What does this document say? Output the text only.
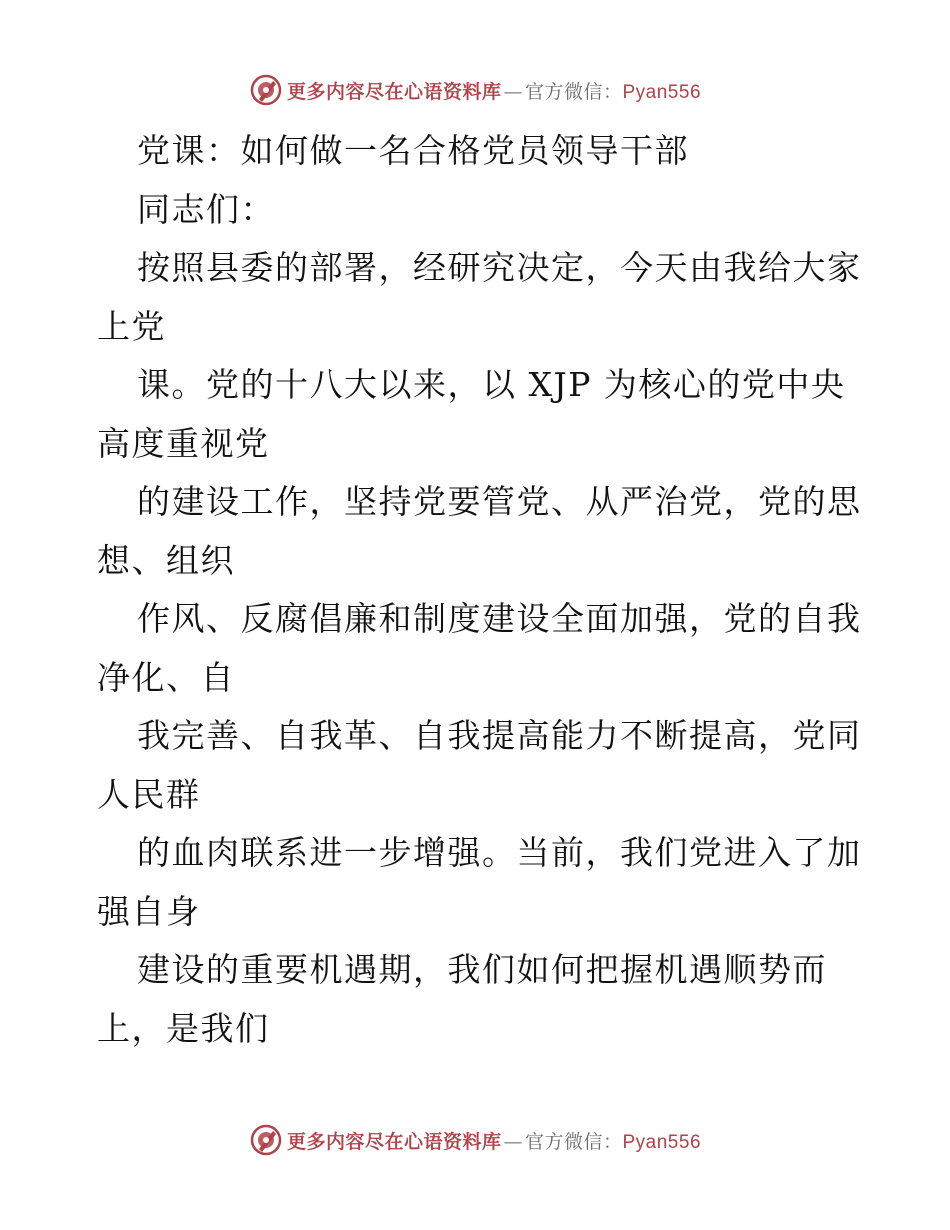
更多内容尽在心语资料库 — 官方微信： Pyan556
党课：如何做一名合格党员领导干部
同志们：
按照县委的部署，经研究决定，今天由我给大家
上党
课。党的十八大以来，以 XJP 为核心的党中央
高度重视党
的建设工作，坚持党要管党、从严治党，党的思
想、组织
作风、反腐倡廉和制度建设全面加强，党的自我
净化、自
我完善、自我革、自我提高能力不断提高，党同
人民群
的血肉联系进一步增强。当前，我们党进入了加
强自身
建设的重要机遇期，我们如何把握机遇顺势而
上，是我们
更多内容尽在心语资料库 — 官方微信： Pyan556
